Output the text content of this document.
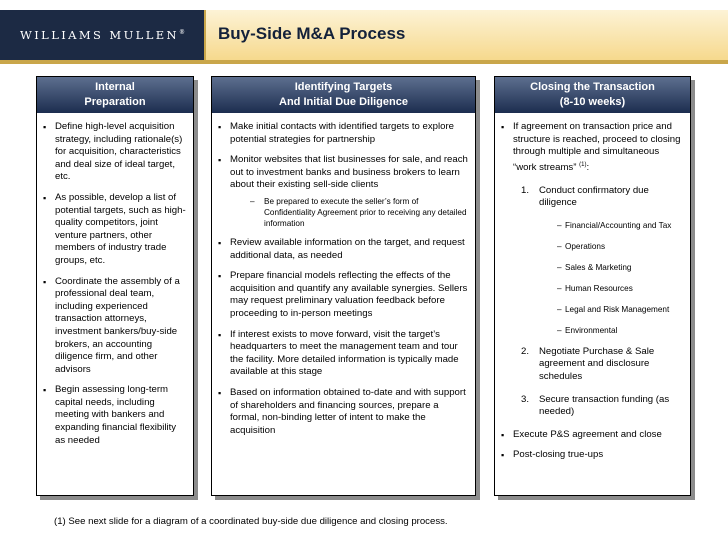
WILLIAMS MULLEN® Buy-Side M&A Process
Internal
Preparation
▪ Define high-level acquisition strategy, including rationale(s) for acquisition, characteristics and deal size of ideal target, etc.
▪ As possible, develop a list of potential targets, such as high-quality competitors, joint venture partners, other members of industry trade groups, etc.
▪ Coordinate the assembly of a professional deal team, including experienced transaction attorneys, investment bankers/buy-side brokers, an accounting diligence firm, and other advisors
▪ Begin assessing long-term capital needs, including meeting with bankers and expanding financial flexibility as needed
Identifying Targets
And Initial Due Diligence
▪ Make initial contacts with identified targets to explore potential strategies for partnership
▪ Monitor websites that list businesses for sale, and reach out to investment banks and business brokers to learn about their existing sell-side clients
– Be prepared to execute the seller’s form of Confidentiality Agreement prior to receiving any detailed information
▪ Review available information on the target, and request additional data, as needed
▪ Prepare financial models reflecting the effects of the acquisition and quantify any available synergies. Sellers may request preliminary valuation feedback before proceeding to in-person meetings
▪ If interest exists to move forward, visit the target’s headquarters to meet the management team and tour the facility. More detailed information is typically made available at this stage
▪ Based on information obtained to-date and with support of shareholders and financing sources, prepare a formal, non-binding letter of intent to make the acquisition
Closing the Transaction
(8-10 weeks)
▪ If agreement on transaction price and structure is reached, proceed to closing through multiple and simultaneous “work streams” $^{(1)}$:
1. Conduct confirmatory due diligence
– Financial/Accounting and Tax
– Operations
– Sales & Marketing
– Human Resources
– Legal and Risk Management
– Environmental
2. Negotiate Purchase & Sale agreement and disclosure schedules
3. Secure transaction funding (as needed)
▪ Execute P&S agreement and close
▪ Post-closing true-ups
(1) See next slide for a diagram of a coordinated buy-side due diligence and closing process.
